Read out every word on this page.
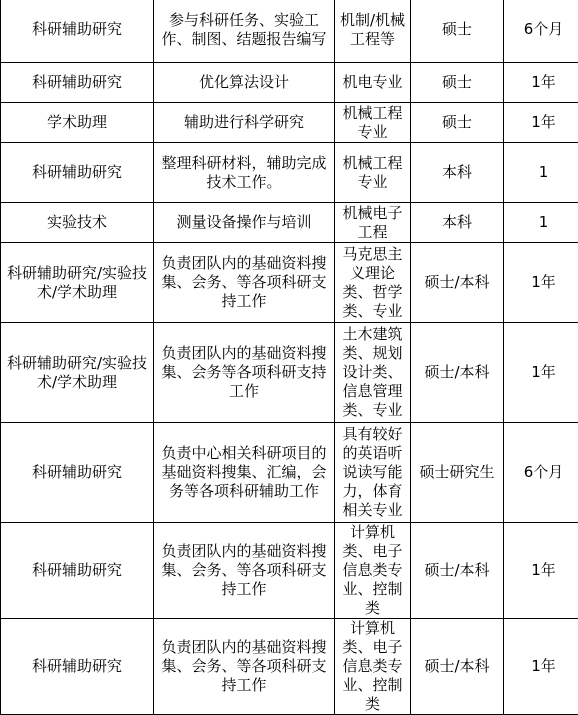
科研辅助研究	参与科研任务、实验工作、制图、结题报告编写	机制/机械工程等	硕士	6个月

科研辅助研究	优化算法设计	机电专业	硕士	1年

学术助理	辅助进行科学研究	机械工程专业	硕士	1年

科研辅助研究	整理科研材料，辅助完成技术工作。	机械工程专业	本科	1

实验技术	测量设备操作与培训	机械电子工程	本科	1

科研辅助研究/实验技术/学术助理	负责团队内的基础资料搜集、会务、等各项科研支持工作	马克思主义理论类、哲学类、专业	硕士/本科	1年

科研辅助研究/实验技术/学术助理	负责团队内的基础资料搜集、会务等各项科研支持工作	土木建筑类、规划设计类、信息管理类、专业	硕士/本科	1年

科研辅助研究	负责中心相关科研项目的基础资料搜集、汇编，会务等各项科研辅助工作	具有较好的英语听说读写能力，体育相关专业	硕士研究生	6个月

科研辅助研究	负责团队内的基础资料搜集、会务、等各项科研支持工作	计算机类、电子信息类专业、控制类	硕士/本科	1年

科研辅助研究	负责团队内的基础资料搜集、会务、等各项科研支持工作	计算机类、电子信息类专业、控制类	硕士/本科	1年
